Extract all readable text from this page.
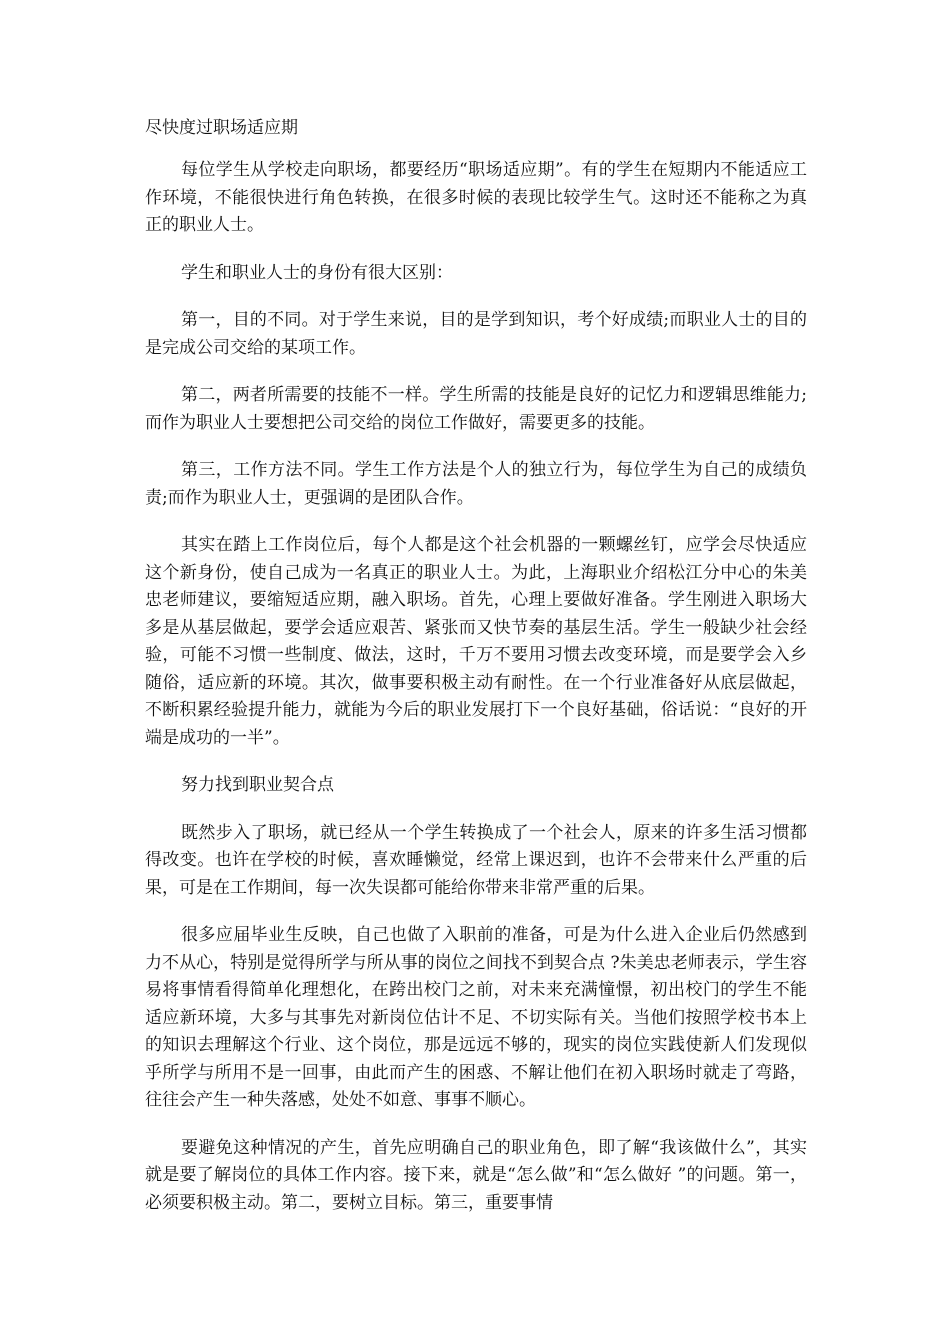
尽快度过职场适应期

每位学生从学校走向职场，都要经历“职场适应期”。有的学生在短期内不能适应工作环境，不能很快进行角色转换，在很多时候的表现比较学生气。这时还不能称之为真正的职业人士。

学生和职业人士的身份有很大区别：

第一，目的不同。对于学生来说，目的是学到知识，考个好成绩;而职业人士的目的是完成公司交给的某项工作。

第二，两者所需要的技能不一样。学生所需的技能是良好的记忆力和逻辑思维能力;而作为职业人士要想把公司交给的岗位工作做好，需要更多的技能。

第三，工作方法不同。学生工作方法是个人的独立行为，每位学生为自己的成绩负责;而作为职业人士，更强调的是团队合作。

其实在踏上工作岗位后，每个人都是这个社会机器的一颗螺丝钉，应学会尽快适应这个新身份，使自己成为一名真正的职业人士。为此，上海职业介绍松江分中心的朱美忠老师建议，要缩短适应期，融入职场。首先，心理上要做好准备。学生刚进入职场大多是从基层做起，要学会适应艰苦、紧张而又快节奏的基层生活。学生一般缺少社会经验，可能不习惯一些制度、做法，这时，千万不要用习惯去改变环境，而是要学会入乡随俗，适应新的环境。其次，做事要积极主动有耐性。在一个行业准备好从底层做起，不断积累经验提升能力，就能为今后的职业发展打下一个良好基础，俗话说：“良好的开端是成功的一半”。

努力找到职业契合点

既然步入了职场，就已经从一个学生转换成了一个社会人，原来的许多生活习惯都得改变。也许在学校的时候，喜欢睡懒觉，经常上课迟到，也许不会带来什么严重的后果，可是在工作期间，每一次失误都可能给你带来非常严重的后果。

很多应届毕业生反映，自己也做了入职前的准备，可是为什么进入企业后仍然感到力不从心，特别是觉得所学与所从事的岗位之间找不到契合点 ?朱美忠老师表示，学生容易将事情看得简单化理想化，在跨出校门之前，对未来充满憧憬，初出校门的学生不能适应新环境，大多与其事先对新岗位估计不足、不切实际有关。当他们按照学校书本上的知识去理解这个行业、这个岗位，那是远远不够的，现实的岗位实践使新人们发现似乎所学与所用不是一回事，由此而产生的困惑、不解让他们在初入职场时就走了弯路，往往会产生一种失落感，处处不如意、事事不顺心。

要避免这种情况的产生，首先应明确自己的职业角色，即了解“我该做什么”，其实就是要了解岗位的具体工作内容。接下来，就是“怎么做”和“怎么做好 ”的问题。第一，必须要积极主动。第二，要树立目标。第三，重要事情
